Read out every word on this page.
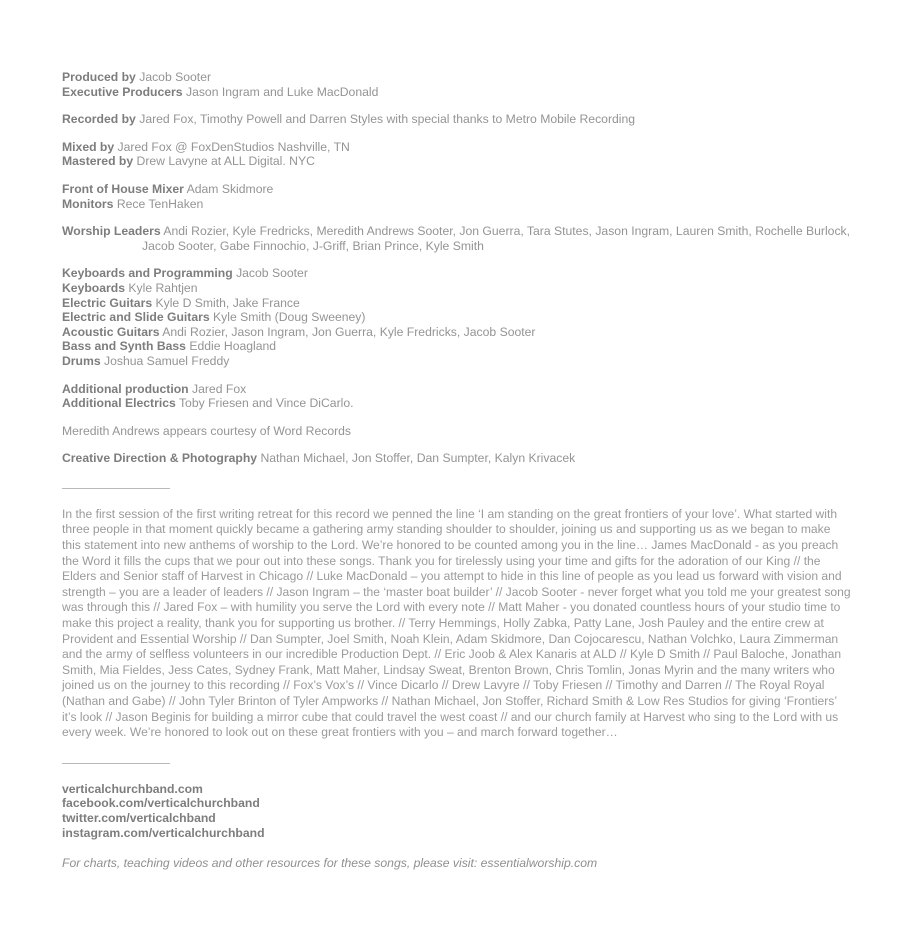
Produced by Jacob Sooter
Executive Producers Jason Ingram and Luke MacDonald
Recorded by Jared Fox, Timothy Powell and Darren Styles with special thanks to Metro Mobile Recording
Mixed by Jared Fox @ FoxDenStudios Nashville, TN
Mastered by Drew Lavyne at ALL Digital. NYC
Front of House Mixer Adam Skidmore
Monitors Rece TenHaken
Worship Leaders Andi Rozier, Kyle Fredricks, Meredith Andrews Sooter, Jon Guerra, Tara Stutes, Jason Ingram, Lauren Smith, Rochelle Burlock,
Jacob Sooter, Gabe Finnochio, J-Griff, Brian Prince, Kyle Smith
Keyboards and Programming Jacob Sooter
Keyboards Kyle Rahtjen
Electric Guitars Kyle D Smith, Jake France
Electric and Slide Guitars Kyle Smith (Doug Sweeney)
Acoustic Guitars Andi Rozier, Jason Ingram, Jon Guerra, Kyle Fredricks, Jacob Sooter
Bass and Synth Bass Eddie Hoagland
Drums Joshua Samuel Freddy
Additional production Jared Fox
Additional Electrics Toby Friesen and Vince DiCarlo.
Meredith Andrews appears courtesy of Word Records
Creative Direction & Photography Nathan Michael, Jon Stoffer, Dan Sumpter, Kalyn Krivacek
In the first session of the first writing retreat for this record we penned the line ‘I am standing on the great frontiers of your love’. What started with three people in that moment quickly became a gathering army standing shoulder to shoulder, joining us and supporting us as we began to make this statement into new anthems of worship to the Lord. We’re honored to be counted among you in the line… James MacDonald - as you preach the Word it fills the cups that we pour out into these songs. Thank you for tirelessly using your time and gifts for the adoration of our King // the Elders and Senior staff of Harvest in Chicago // Luke MacDonald – you attempt to hide in this line of people as you lead us forward with vision and strength – you are a leader of leaders // Jason Ingram – the ‘master boat builder’ // Jacob Sooter - never forget what you told me your greatest song was through this // Jared Fox – with humility you serve the Lord with every note // Matt Maher - you donated countless hours of your studio time to make this project a reality, thank you for supporting us brother. // Terry Hemmings, Holly Zabka, Patty Lane, Josh Pauley and the entire crew at Provident and Essential Worship // Dan Sumpter, Joel Smith, Noah Klein, Adam Skidmore, Dan Cojocarescu, Nathan Volchko, Laura Zimmerman and the army of selfless volunteers in our incredible Production Dept. // Eric Joob & Alex Kanaris at ALD // Kyle D Smith // Paul Baloche, Jonathan Smith, Mia Fieldes, Jess Cates, Sydney Frank, Matt Maher, Lindsay Sweat, Brenton Brown, Chris Tomlin, Jonas Myrin and the many writers who joined us on the journey to this recording // Fox’s Vox’s // Vince Dicarlo // Drew Lavyre // Toby Friesen // Timothy and Darren // The Royal Royal (Nathan and Gabe) // John Tyler Brinton of Tyler Ampworks // Nathan Michael, Jon Stoffer, Richard Smith & Low Res Studios for giving ‘Frontiers’ it’s look // Jason Beginis for building a mirror cube that could travel the west coast // and our church family at Harvest who sing to the Lord with us every week. We’re honored to look out on these great frontiers with you – and march forward together…
verticalchurchband.com
facebook.com/verticalchurchband
twitter.com/verticalchband
instagram.com/verticalchurchband
For charts, teaching videos and other resources for these songs, please visit: essentialworship.com
